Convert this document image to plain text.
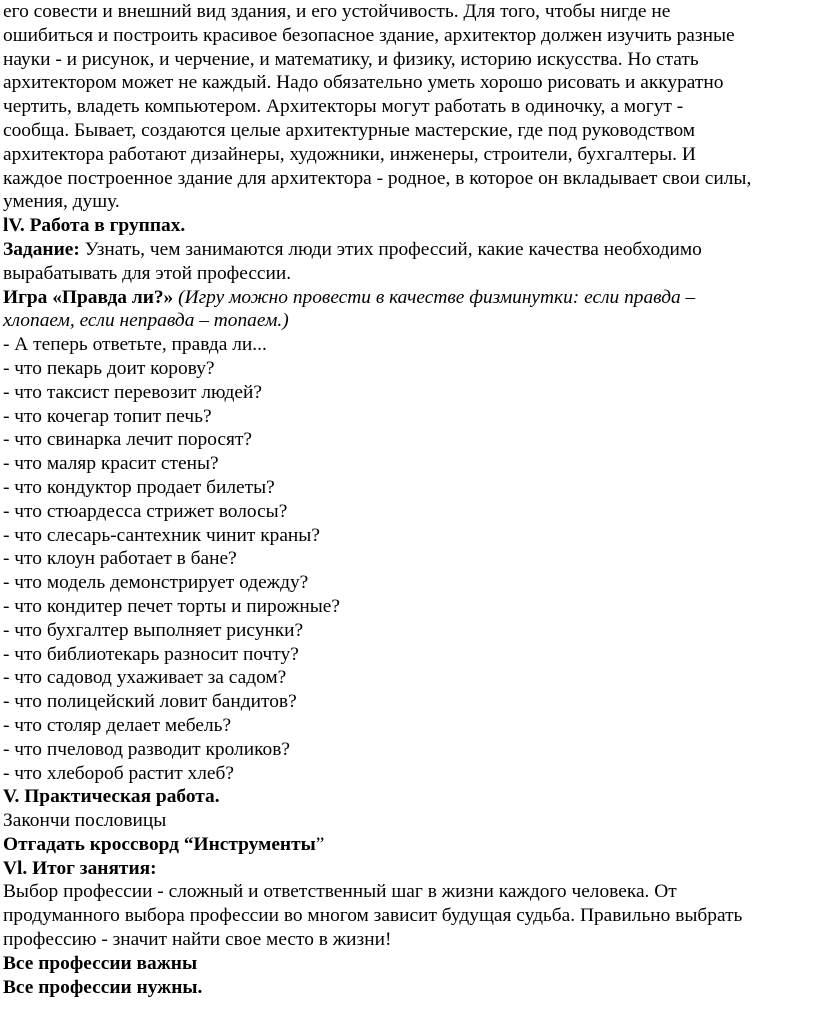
его совести и внешний вид здания, и его устойчивость. Для того, чтобы нигде не
ошибиться и построить красивое безопасное здание, архитектор должен изучить разные
науки - и рисунок, и черчение, и математику, и физику, историю искусства. Но стать
архитектором может не каждый. Надо обязательно уметь хорошо рисовать и аккуратно
чертить, владеть компьютером. Архитекторы могут работать в одиночку, а могут -
сообща. Бывает, создаются целые архитектурные мастерские, где под руководством
архитектора работают дизайнеры, художники, инженеры, строители, бухгалтеры. И
каждое построенное здание для архитектора - родное, в которое он вкладывает свои силы,
умения, душу.
lV. Работа в группах.
Задание: Узнать, чем занимаются люди этих профессий, какие качества необходимо
вырабатывать для этой профессии.
Игра «Правда ли?» (Игру можно провести в качестве физминутки: если правда –
хлопаем, если неправда – топаем.)
- А теперь ответьте, правда ли...
- что пекарь доит корову?
- что таксист перевозит людей?
- что кочегар топит печь?
- что свинарка лечит поросят?
- что маляр красит стены?
- что кондуктор продает билеты?
- что стюардесса стрижет волосы?
- что слесарь-сантехник чинит краны?
- что клоун работает в бане?
- что модель демонстрирует одежду?
- что кондитер печет торты и пирожные?
- что бухгалтер выполняет рисунки?
- что библиотекарь разносит почту?
- что садовод ухаживает за садом?
- что полицейский ловит бандитов?
- что столяр делает мебель?
- что пчеловод разводит кроликов?
- что хлебороб растит хлеб?
V. Практическая работа.
Закончи пословицы
Отгадать кроссворд “Инструменты”
Vl. Итог занятия:
Выбор профессии - сложный и ответственный шаг в жизни каждого человека. От
продуманного выбора профессии во многом зависит будущая судьба. Правильно выбрать
профессию - значит найти свое место в жизни!
Все профессии важны
Все профессии нужны.
